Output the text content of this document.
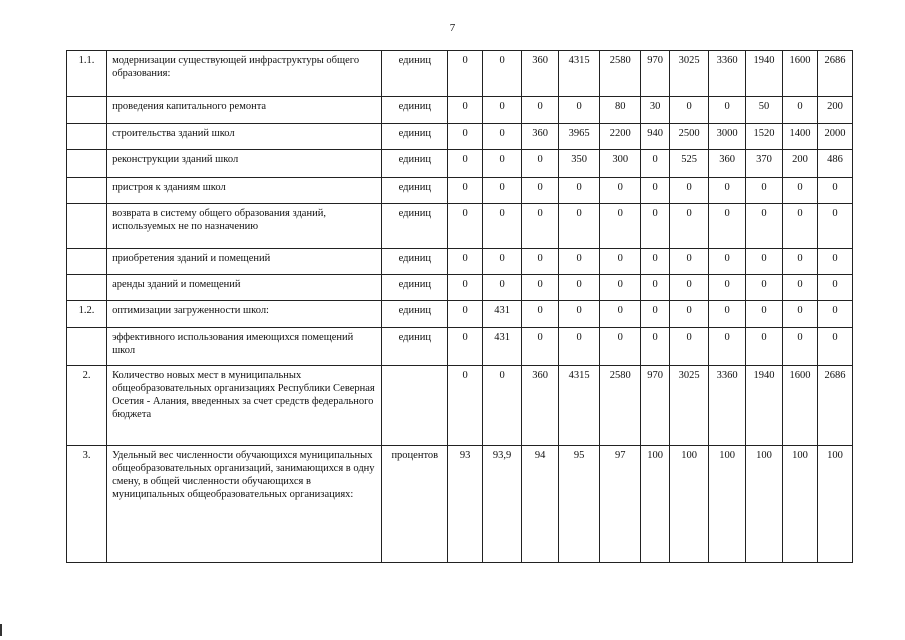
7
1.1.	модернизации существующей инфраструктуры общего образования:	единиц	0	0	360	4315	2580	970	3025	3360	1940	1600	2686
	проведения капитального ремонта	единиц	0	0	0	0	80	30	0	0	50	0	200
	строительства зданий школ	единиц	0	0	360	3965	2200	940	2500	3000	1520	1400	2000
	реконструкции зданий школ	единиц	0	0	0	350	300	0	525	360	370	200	486
	пристроя к зданиям школ	единиц	0	0	0	0	0	0	0	0	0	0	0
	возврата в систему общего образования зданий, используемых не по назначению	единиц	0	0	0	0	0	0	0	0	0	0	0
	приобретения зданий и помещений	единиц	0	0	0	0	0	0	0	0	0	0	0
	аренды зданий и помещений	единиц	0	0	0	0	0	0	0	0	0	0	0
1.2.	оптимизации загруженности школ:	единиц	0	431	0	0	0	0	0	0	0	0	0
	эффективного использования имеющихся помещений школ	единиц	0	431	0	0	0	0	0	0	0	0	0
2.	Количество новых мест в муниципальных общеобразовательных организациях Республики Северная Осетия - Алания, введенных за счет средств федерального бюджета		0	0	360	4315	2580	970	3025	3360	1940	1600	2686
3.	Удельный вес численности обучающихся муниципальных общеобразовательных организаций, занимающихся в одну смену, в общей численности обучающихся в муниципальных общеобразовательных организациях:	процентов	93	93,9	94	95	97	100	100	100	100	100	100
